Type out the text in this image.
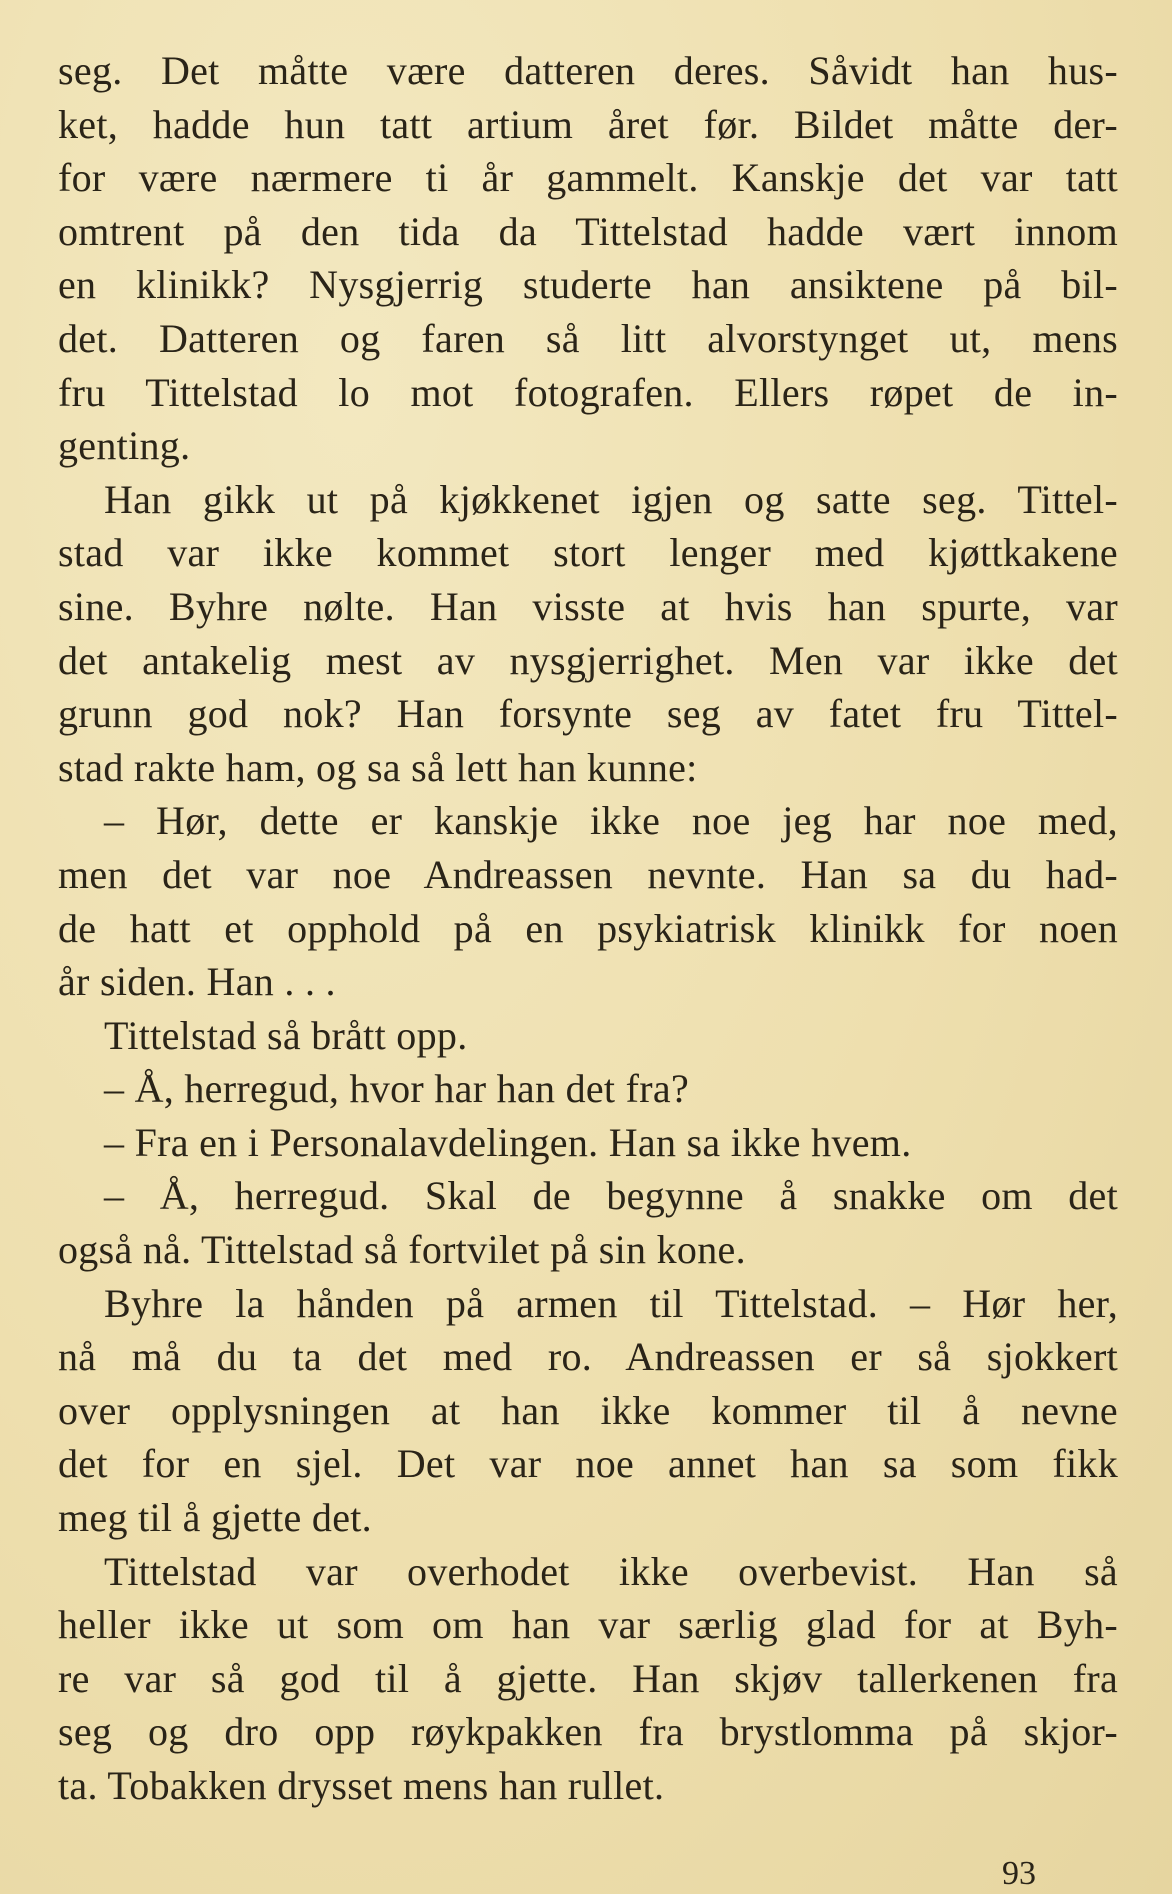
seg. Det måtte være datteren deres. Såvidt han hus-
ket, hadde hun tatt artium året før. Bildet måtte der-
for være nærmere ti år gammelt. Kanskje det var tatt
omtrent på den tida da Tittelstad hadde vært innom
en klinikk? Nysgjerrig studerte han ansiktene på bil-
det. Datteren og faren så litt alvorstynget ut, mens
fru Tittelstad lo mot fotografen. Ellers røpet de in-
genting.
Han gikk ut på kjøkkenet igjen og satte seg. Tittel-
stad var ikke kommet stort lenger med kjøttkakene
sine. Byhre nølte. Han visste at hvis han spurte, var
det antakelig mest av nysgjerrighet. Men var ikke det
grunn god nok? Han forsynte seg av fatet fru Tittel-
stad rakte ham, og sa så lett han kunne:
– Hør, dette er kanskje ikke noe jeg har noe med,
men det var noe Andreassen nevnte. Han sa du had-
de hatt et opphold på en psykiatrisk klinikk for noen
år siden. Han . . .
Tittelstad så brått opp.
– Å, herregud, hvor har han det fra?
– Fra en i Personalavdelingen. Han sa ikke hvem.
– Å, herregud. Skal de begynne å snakke om det
også nå. Tittelstad så fortvilet på sin kone.
Byhre la hånden på armen til Tittelstad. – Hør her,
nå må du ta det med ro. Andreassen er så sjokkert
over opplysningen at han ikke kommer til å nevne
det for en sjel. Det var noe annet han sa som fikk
meg til å gjette det.
Tittelstad var overhodet ikke overbevist. Han så
heller ikke ut som om han var særlig glad for at Byh-
re var så god til å gjette. Han skjøv tallerkenen fra
seg og dro opp røykpakken fra brystlomma på skjor-
ta. Tobakken drysset mens han rullet.
93
